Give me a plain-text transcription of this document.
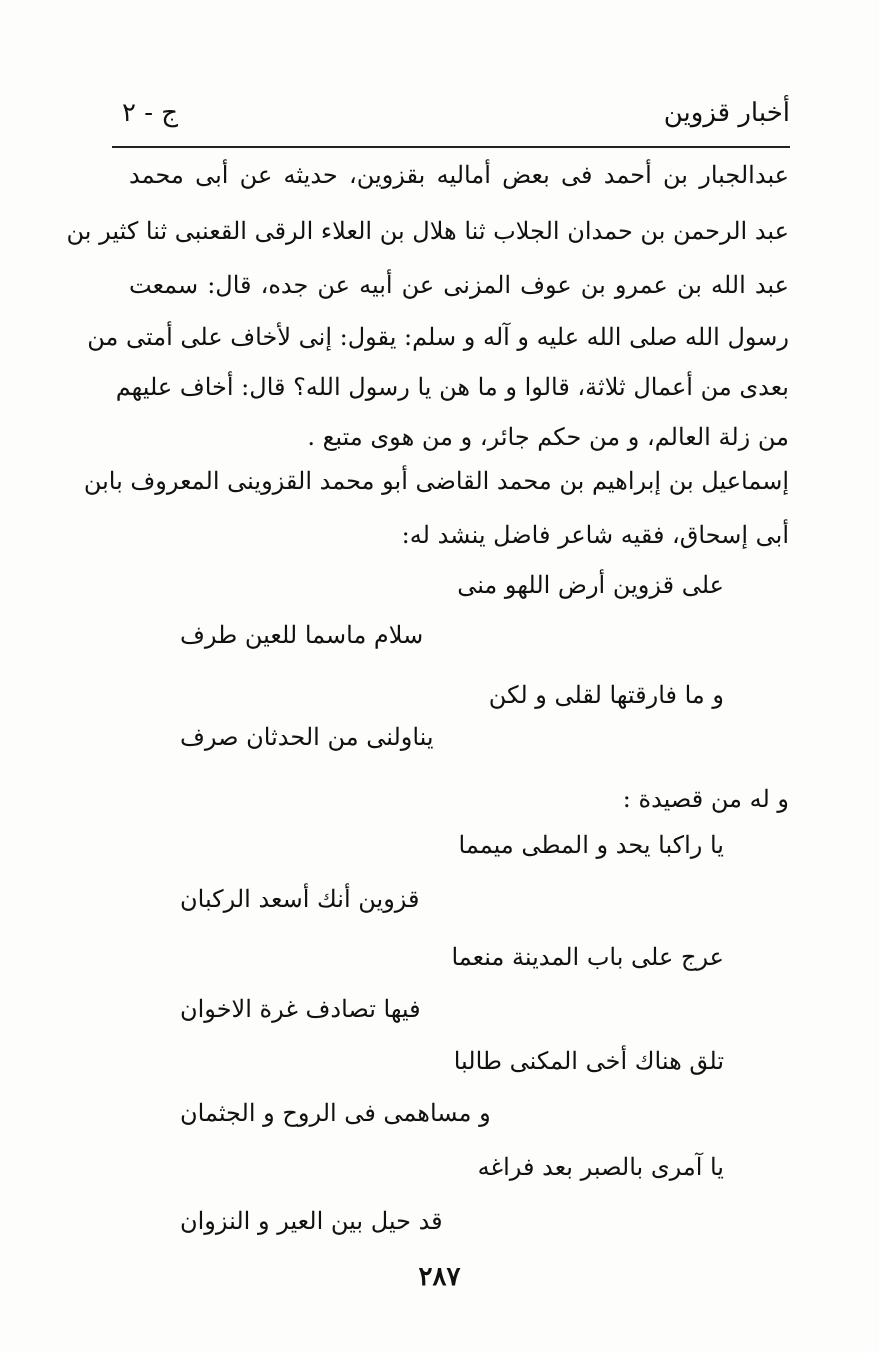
أخبار قزوين
ج - ٢
عبدالجبار بن أحمد فى بعض أماليه بقزوين، حديثه عن أبى محمد
عبد الرحمن بن حمدان الجلاب ثنا هلال بن العلاء الرقى القعنبى ثنا كثير بن
عبد الله بن عمرو بن عوف المزنى عن أبيه عن جده، قال: سمعت
رسول الله صلى الله عليه و آله و سلم: يقول: إنى لأخاف على أمتى من
بعدى من أعمال ثلاثة، قالوا و ما هن يا رسول الله؟ قال: أخاف عليهم
من زلة العالم، و من حكم جائر، و من هوى متبع .
إسماعيل بن إبراهيم بن محمد القاضى أبو محمد القزوينى المعروف بابن
أبى إسحاق، فقيه شاعر فاضل ينشد له:
على قزوين أرض اللهو منى
سلام ماسما للعين طرف
و ما فارقتها لقلى و لكن
يناولنى من الحدثان صرف
و له من قصيدة :
يا راكبا يحد و المطى ميمما
قزوين أنك أسعد الركبان
عرج على باب المدينة منعما
فيها تصادف غرة الاخوان
تلق هناك أخى المكنى طالبا
و مساهمى فى الروح و الجثمان
يا آمرى بالصبر بعد فراغه
قد حيل بين العير و النزوان
٢٨٧
